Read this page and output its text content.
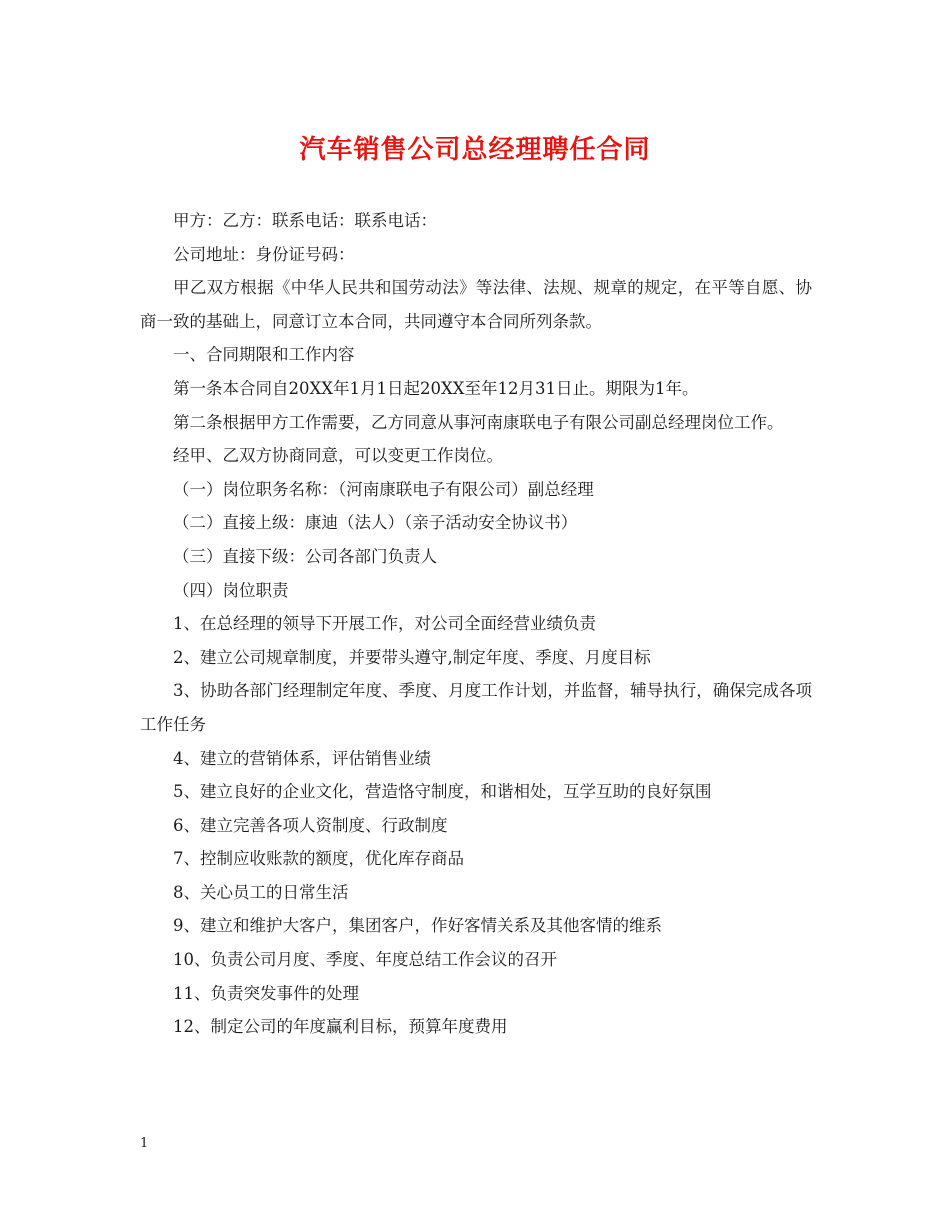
汽车销售公司总经理聘任合同

甲方：乙方：联系电话：联系电话：

公司地址：身份证号码：

甲乙双方根据《中华人民共和国劳动法》等法律、法规、规章的规定，在平等自愿、协商一致的基础上，同意订立本合同，共同遵守本合同所列条款。

一、合同期限和工作内容

第一条本合同自20XX年1月1日起20XX至年12月31日止。期限为1年。

第二条根据甲方工作需要，乙方同意从事河南康联电子有限公司副总经理岗位工作。

经甲、乙双方协商同意，可以变更工作岗位。

（一）岗位职务名称：（河南康联电子有限公司）副总经理

（二）直接上级：康迪（法人）（亲子活动安全协议书）

（三）直接下级：公司各部门负责人

（四）岗位职责

1、在总经理的领导下开展工作，对公司全面经营业绩负责

2、建立公司规章制度，并要带头遵守,制定年度、季度、月度目标

3、协助各部门经理制定年度、季度、月度工作计划，并监督，辅导执行，确保完成各项工作任务

4、建立的营销体系，评估销售业绩

5、建立良好的企业文化，营造恪守制度，和谐相处，互学互助的良好氛围

6、建立完善各项人资制度、行政制度

7、控制应收账款的额度，优化库存商品

8、关心员工的日常生活

9、建立和维护大客户，集团客户，作好客情关系及其他客情的维系

10、负责公司月度、季度、年度总结工作会议的召开

11、负责突发事件的处理

12、制定公司的年度赢利目标，预算年度费用

1
